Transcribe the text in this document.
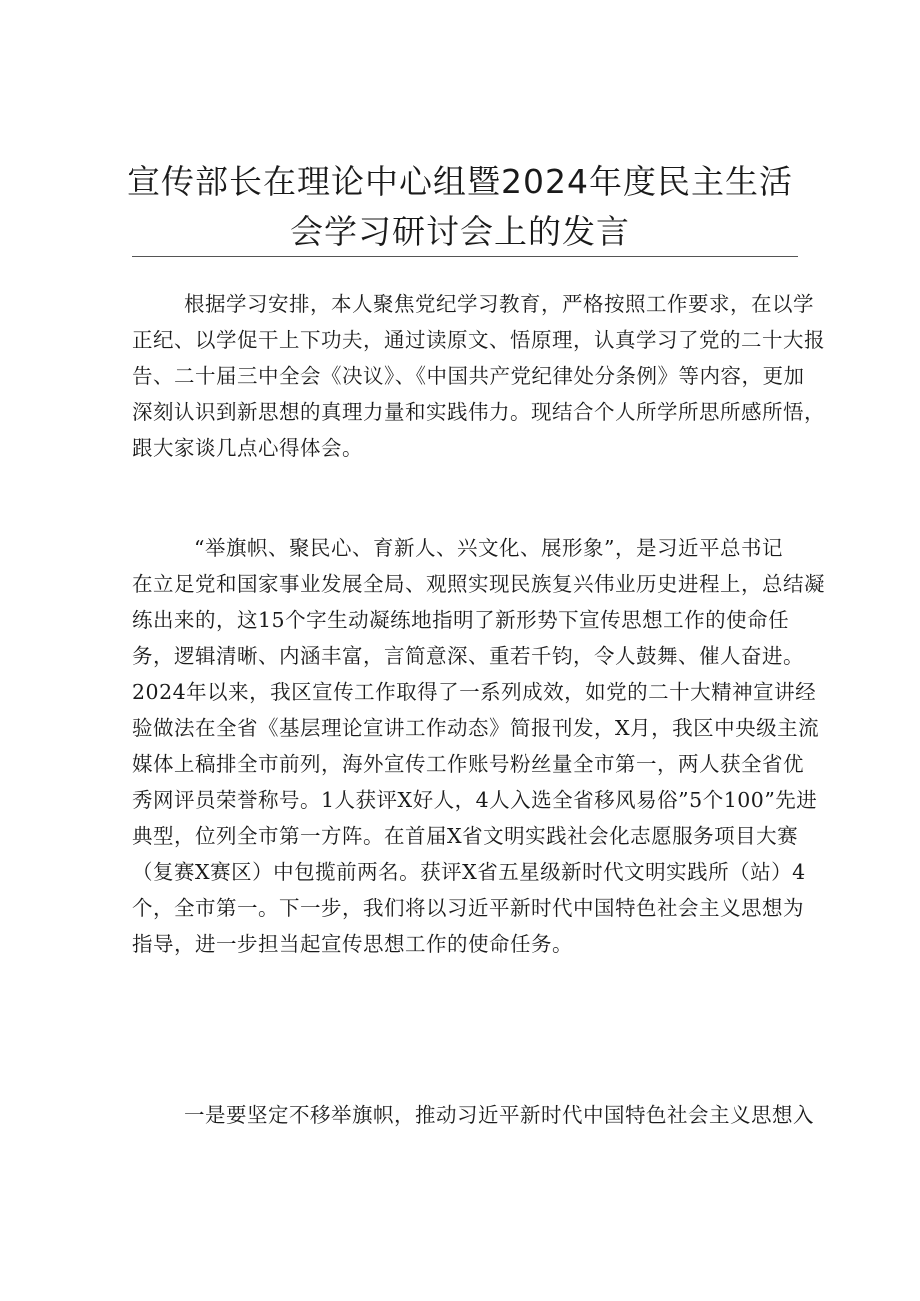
宣传部长在理论中心组暨2024年度民主生活
会学习研讨会上的发言
根据学习安排，本人聚焦党纪学习教育，严格按照工作要求，在以学
正纪、以学促干上下功夫，通过读原文、悟原理，认真学习了党的二十大报
告、二十届三中全会《决议》、《中国共产党纪律处分条例》等内容，更加
深刻认识到新思想的真理力量和实践伟力。现结合个人所学所思所感所悟，
跟大家谈几点心得体会。
“举旗帜、聚民心、育新人、兴文化、展形象”，是习近平总书记
在立足党和国家事业发展全局、观照实现民族复兴伟业历史进程上，总结凝
练出来的，这15个字生动凝练地指明了新形势下宣传思想工作的使命任
务，逻辑清晰、内涵丰富，言简意深、重若千钧，令人鼓舞、催人奋进。
2024年以来，我区宣传工作取得了一系列成效，如党的二十大精神宣讲经
验做法在全省《基层理论宣讲工作动态》简报刊发，X月，我区中央级主流
媒体上稿排全市前列，海外宣传工作账号粉丝量全市第一，两人获全省优
秀网评员荣誉称号。1人获评X好人，4人入选全省移风易俗”5个100”先进
典型，位列全市第一方阵。在首届X省文明实践社会化志愿服务项目大赛
（复赛X赛区）中包揽前两名。获评X省五星级新时代文明实践所（站）4
个，全市第一。下一步，我们将以习近平新时代中国特色社会主义思想为
指导，进一步担当起宣传思想工作的使命任务。
一是要坚定不移举旗帜，推动习近平新时代中国特色社会主义思想入
